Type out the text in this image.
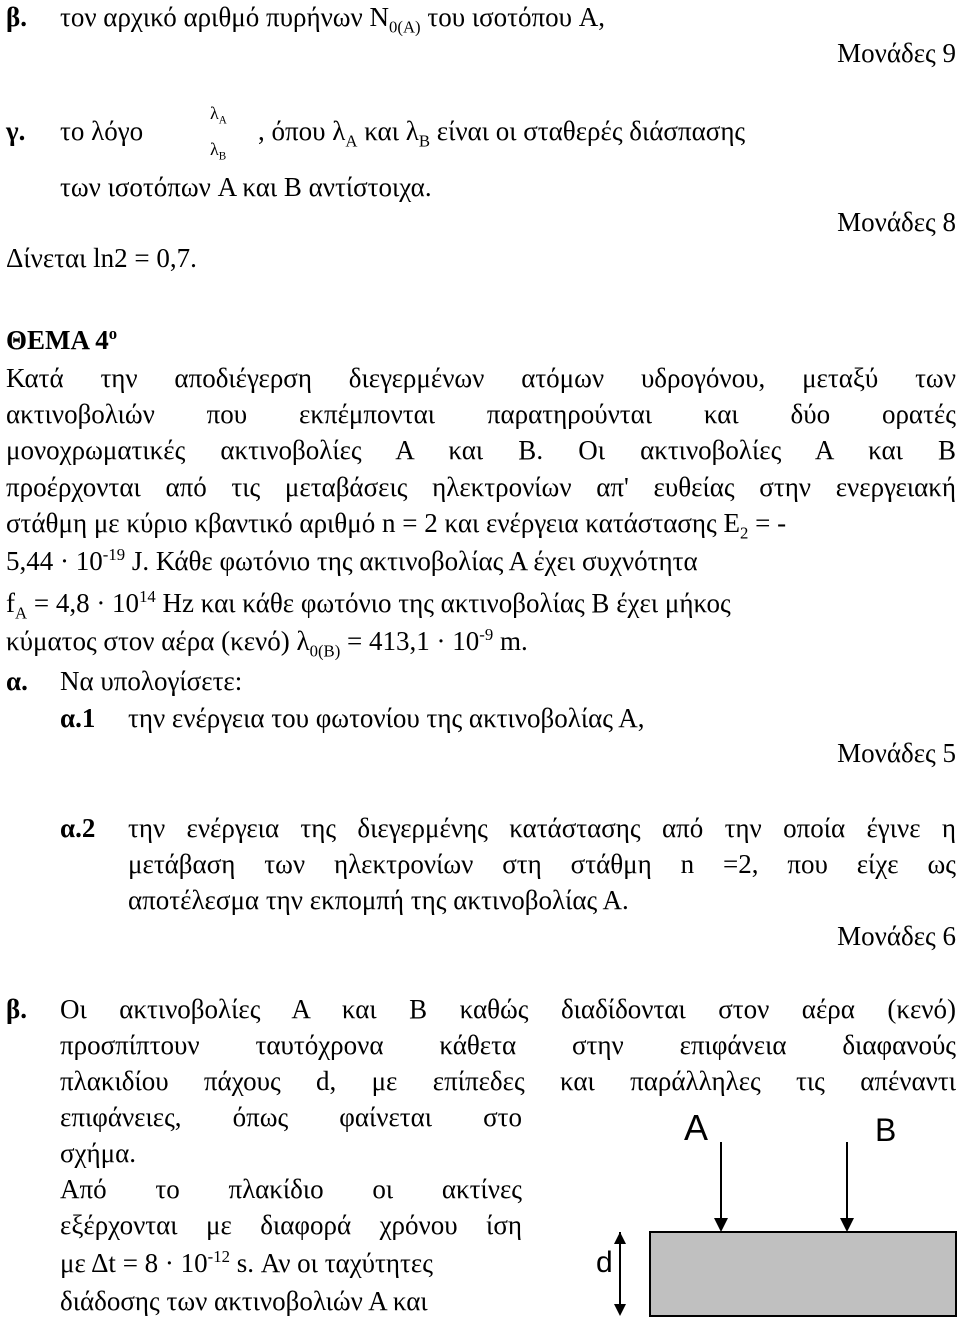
β. τον αρχικό αριθμό πυρήνων $N_{0(A)}$ του ισοτόπου A,
Μονάδες 9
γ. το λόγο
$\lambda_A$
$\lambda_B$
, όπου $\lambda_A$ και $\lambda_B$ είναι οι σταθερές διάσπασης
των ισοτόπων A και B αντίστοιχα.
Μονάδες 8
Δίνεται ln2 = 0,7.
ΘΕΜΑ $4^o$
Κατά την αποδιέγερση διεγερμένων ατόμων υδρογόνου, μεταξύ των
ακτινοβολιών που εκπέμπονται παρατηρούνται και δύο ορατές
μονοχρωματικές ακτινοβολίες Α και Β. Οι ακτινοβολίες Α και Β
προέρχονται από τις μεταβάσεις ηλεκτρονίων απ' ευθείας στην ενεργειακή
στάθμη με κύριο κβαντικό αριθμό n = 2 και ενέργεια κατάστασης $E_2$ = -
$5,44 \cdot 10^{-19}$ J. Κάθε φωτόνιο της ακτινοβολίας Α έχει συχνότητα
$f_A = 4,8 \cdot 10^{14}$ Hz και κάθε φωτόνιο της ακτινοβολίας Β έχει μήκος
κύματος στον αέρα (κενό) $\lambda_{0(B)} = 413,1 \cdot 10^{-9}$ m.
α. Να υπολογίσετε:
α.1 την ενέργεια του φωτονίου της ακτινοβολίας Α,
Μονάδες 5
α.2 την ενέργεια της διεγερμένης κατάστασης από την οποία έγινε η
μετάβαση των ηλεκτρονίων στη στάθμη n =2, που είχε ως
αποτέλεσμα την εκπομπή της ακτινοβολίας Α.
Μονάδες 6
β. Οι ακτινοβολίες Α και Β καθώς διαδίδονται στον αέρα (κενό)
προσπίπτουν ταυτόχρονα κάθετα στην επιφάνεια διαφανούς
πλακιδίου πάχους d, με επίπεδες και παράλληλες τις απέναντι
επιφάνειες, όπως φαίνεται στο
σχήμα.
Από το πλακίδιο οι ακτίνες
εξέρχονται με διαφορά χρόνου ίση
με $\Delta t = 8 \cdot 10^{-12}$ s. Αν οι ταχύτητες
διάδοσης των ακτινοβολιών Α και
A	B
d
